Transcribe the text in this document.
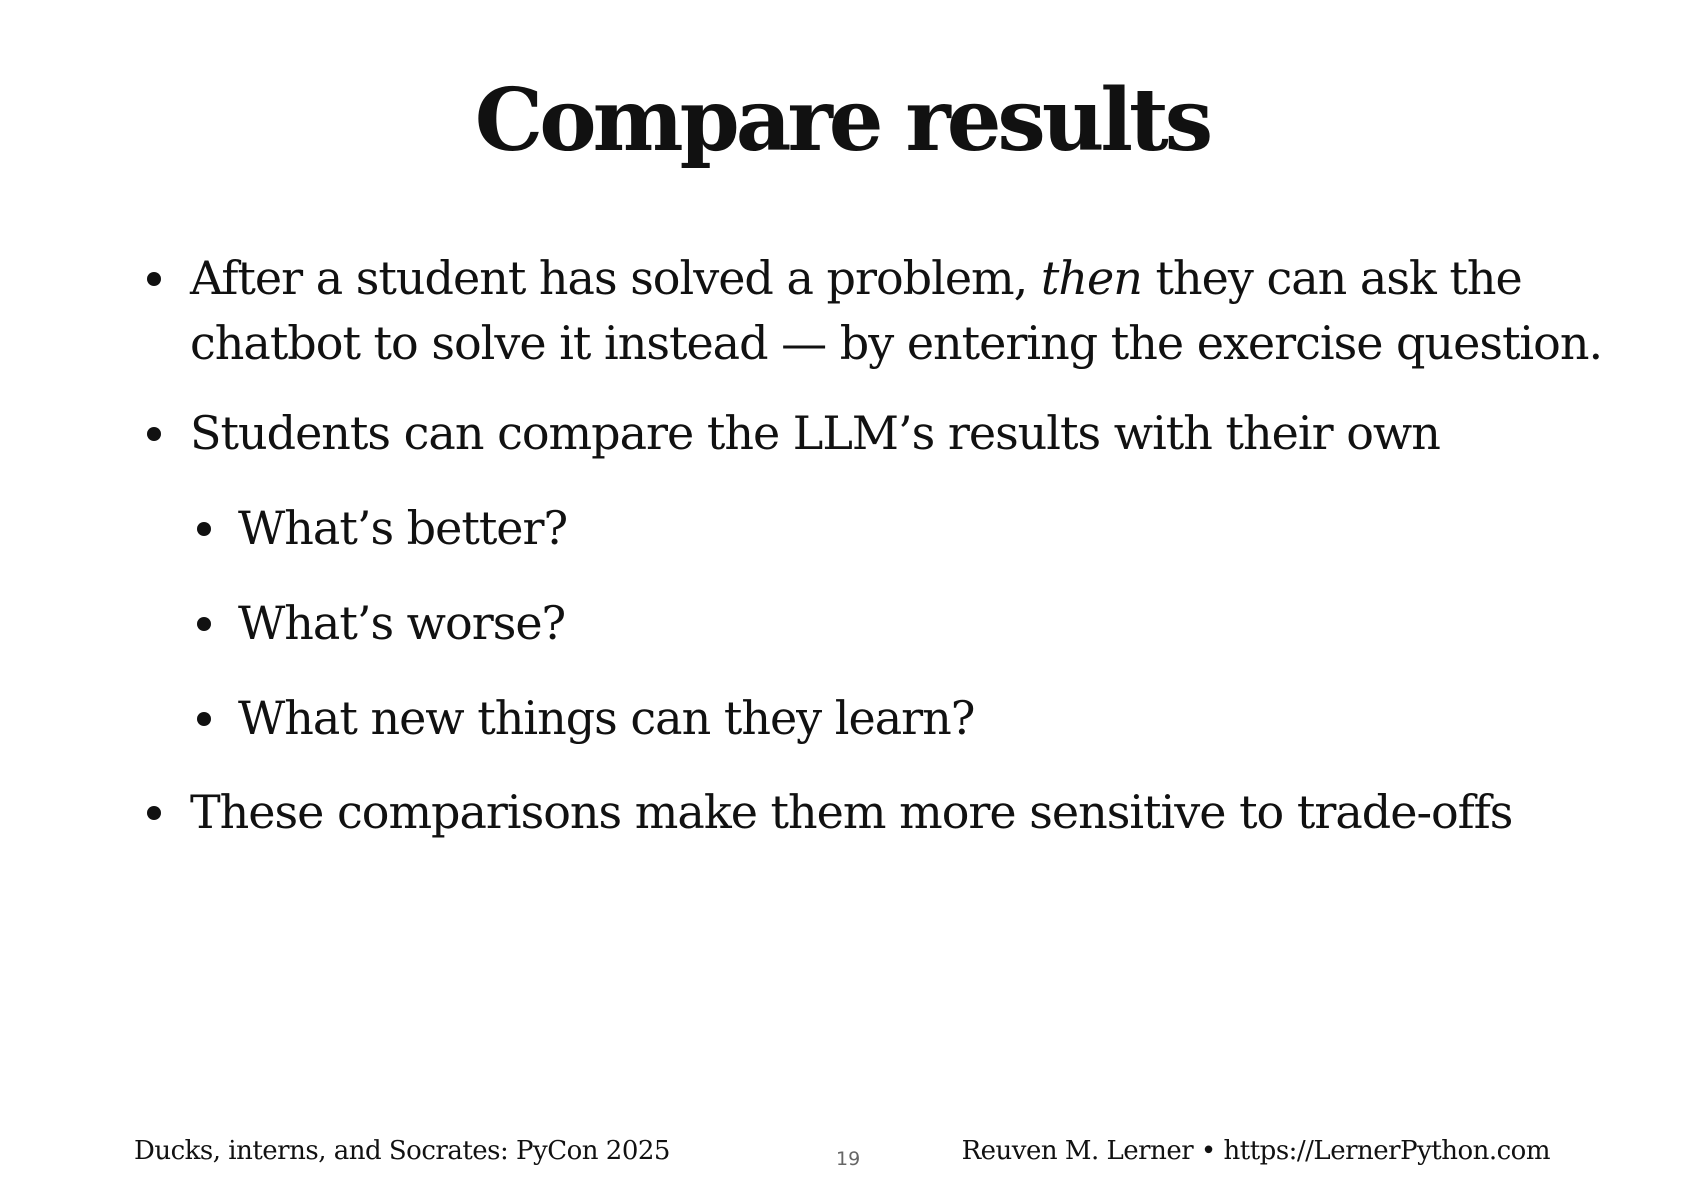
Compare results
After a student has solved a problem, then they can ask the
chatbot to solve it instead — by entering the exercise question.
Students can compare the LLM’s results with their own
What’s better?
What’s worse?
What new things can they learn?
These comparisons make them more sensitive to trade-offs
Ducks, interns, and Socrates: PyCon 2025	19	Reuven M. Lerner • https://LernerPython.com
